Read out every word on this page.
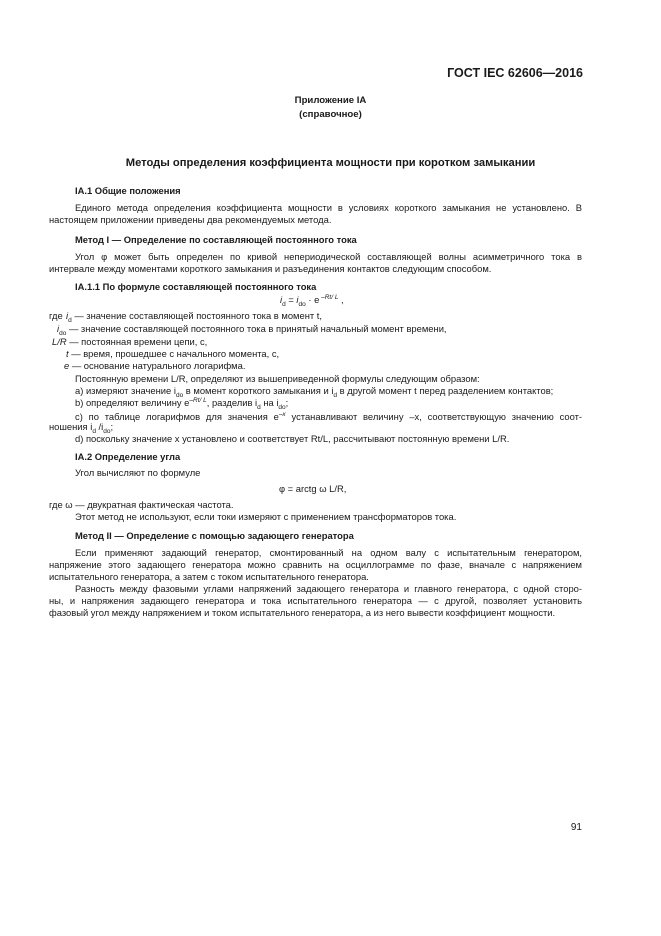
ГОСТ IEC 62606—2016
Приложение IA
(справочное)
Методы определения коэффициента мощности при коротком замыкании
IA.1 Общие положения
Единого метода определения коэффициента мощности в условиях короткого замыкания не установлено. В
настоящем приложении приведены два рекомендуемых метода.
Метод I — Определение по составляющей постоянного тока
Угол φ может быть определен по кривой непериодической составляющей волны асимметричного тока в
интервале между моментами короткого замыкания и разъединения контактов следующим способом.
IA.1.1 По формуле составляющей постоянного тока
$i_d = i_{do} \cdot e$ $^{-Rt/ L}$ ,
где $i_d$ — значение составляющей постоянного тока в момент t,
$i_{do}$ — значение составляющей постоянного тока в принятый начальный момент времени,
L/R — постоянная времени цепи, с,
t — время, прошедшее с начального момента, с,
e — основание натурального логарифма.
Постоянную времени L/R, определяют из вышеприведенной формулы следующим образом:
а) измеряют значение $i_{do}$ в момент короткого замыкания и $i_d$ в другой момент t перед разделением контактов;
b) определяют величину $e^{-Rt/ L}$, разделив $i_d$ на $i_{do}$;
с) по таблице логарифмов для значения $e^{-x}$ устанавливают величину –x, соответствующую значению соот-
ношения $i_d$ $/i_{do}$;
d) поскольку значение x установлено и соответствует Rt/L, рассчитывают постоянную времени L/R.
IA.2 Определение угла
Угол вычисляют по формуле
φ = arctg ω L/R,
где ω — двукратная фактическая частота.
Этот метод не используют, если токи измеряют с применением трансформаторов тока.
Метод II — Определение с помощью задающего генератора
Если применяют задающий генератор, смонтированный на одном валу с испытательным генератором,
напряжение этого задающего генератора можно сравнить на осциллограмме по фазе, вначале с напряжением
испытательного генератора, а затем с током испытательного генератора.
Разность между фазовыми углами напряжений задающего генератора и главного генератора, с одной сторо-
ны, и напряжения задающего генератора и тока испытательного генератора — с другой, позволяет установить
фазовый угол между напряжением и током испытательного генератора, а из него вывести коэффициент мощности.
91
